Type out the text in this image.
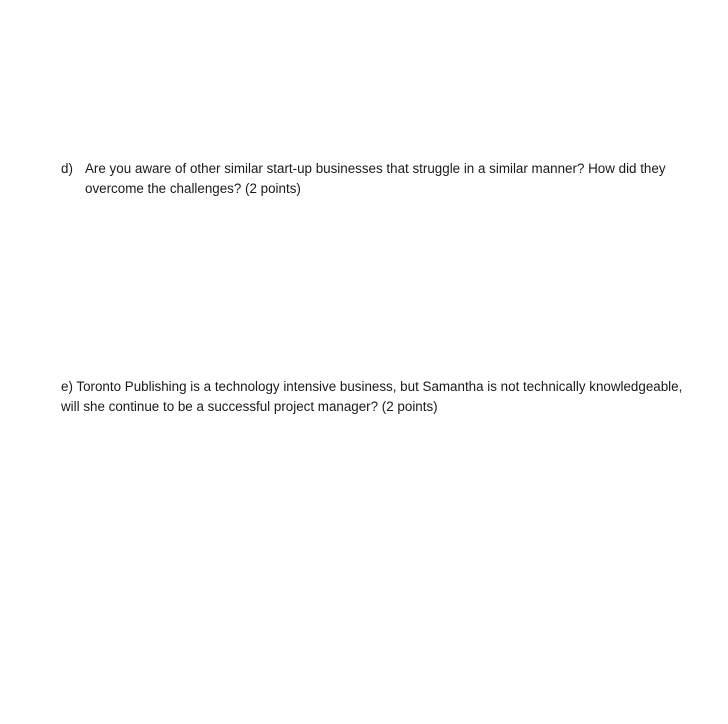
d) Are you aware of other similar start-up businesses that struggle in a similar manner? How did they
overcome the challenges? (2 points)
e) Toronto Publishing is a technology intensive business, but Samantha is not technically knowledgeable,
will she continue to be a successful project manager? (2 points)
